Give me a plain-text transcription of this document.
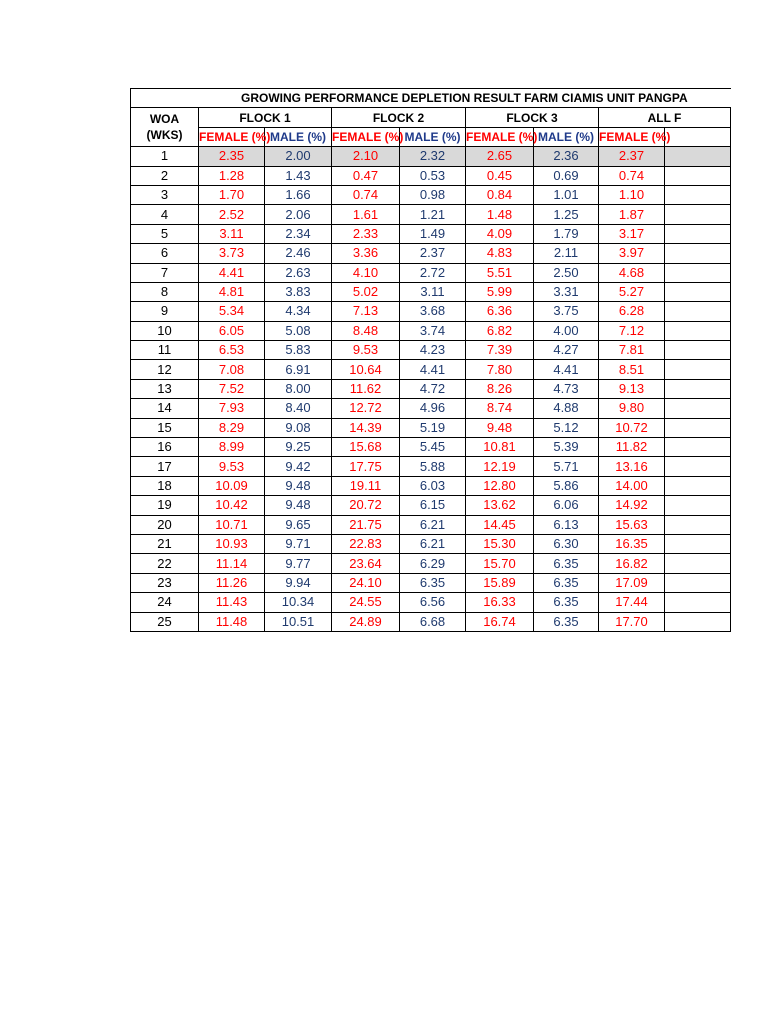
GROWING PERFORMANCE DEPLETION RESULT FARM CIAMIS UNIT PANGPA								
WOA
(WKS)	FLOCK 1		FLOCK 2		FLOCK 3		ALL F	
	FEMALE (%)	MALE (%)	FEMALE (%)	MALE (%)	FEMALE (%)	MALE (%)	FEMALE (%)	
1	2.35	2.00	2.10	2.32	2.65	2.36	2.37	
2	1.28	1.43	0.47	0.53	0.45	0.69	0.74	
3	1.70	1.66	0.74	0.98	0.84	1.01	1.10	
4	2.52	2.06	1.61	1.21	1.48	1.25	1.87	
5	3.11	2.34	2.33	1.49	4.09	1.79	3.17	
6	3.73	2.46	3.36	2.37	4.83	2.11	3.97	
7	4.41	2.63	4.10	2.72	5.51	2.50	4.68	
8	4.81	3.83	5.02	3.11	5.99	3.31	5.27	
9	5.34	4.34	7.13	3.68	6.36	3.75	6.28	
10	6.05	5.08	8.48	3.74	6.82	4.00	7.12	
11	6.53	5.83	9.53	4.23	7.39	4.27	7.81	
12	7.08	6.91	10.64	4.41	7.80	4.41	8.51	
13	7.52	8.00	11.62	4.72	8.26	4.73	9.13	
14	7.93	8.40	12.72	4.96	8.74	4.88	9.80	
15	8.29	9.08	14.39	5.19	9.48	5.12	10.72	
16	8.99	9.25	15.68	5.45	10.81	5.39	11.82	
17	9.53	9.42	17.75	5.88	12.19	5.71	13.16	
18	10.09	9.48	19.11	6.03	12.80	5.86	14.00	
19	10.42	9.48	20.72	6.15	13.62	6.06	14.92	
20	10.71	9.65	21.75	6.21	14.45	6.13	15.63	
21	10.93	9.71	22.83	6.21	15.30	6.30	16.35	
22	11.14	9.77	23.64	6.29	15.70	6.35	16.82	
23	11.26	9.94	24.10	6.35	15.89	6.35	17.09	
24	11.43	10.34	24.55	6.56	16.33	6.35	17.44	
25	11.48	10.51	24.89	6.68	16.74	6.35	17.70	
